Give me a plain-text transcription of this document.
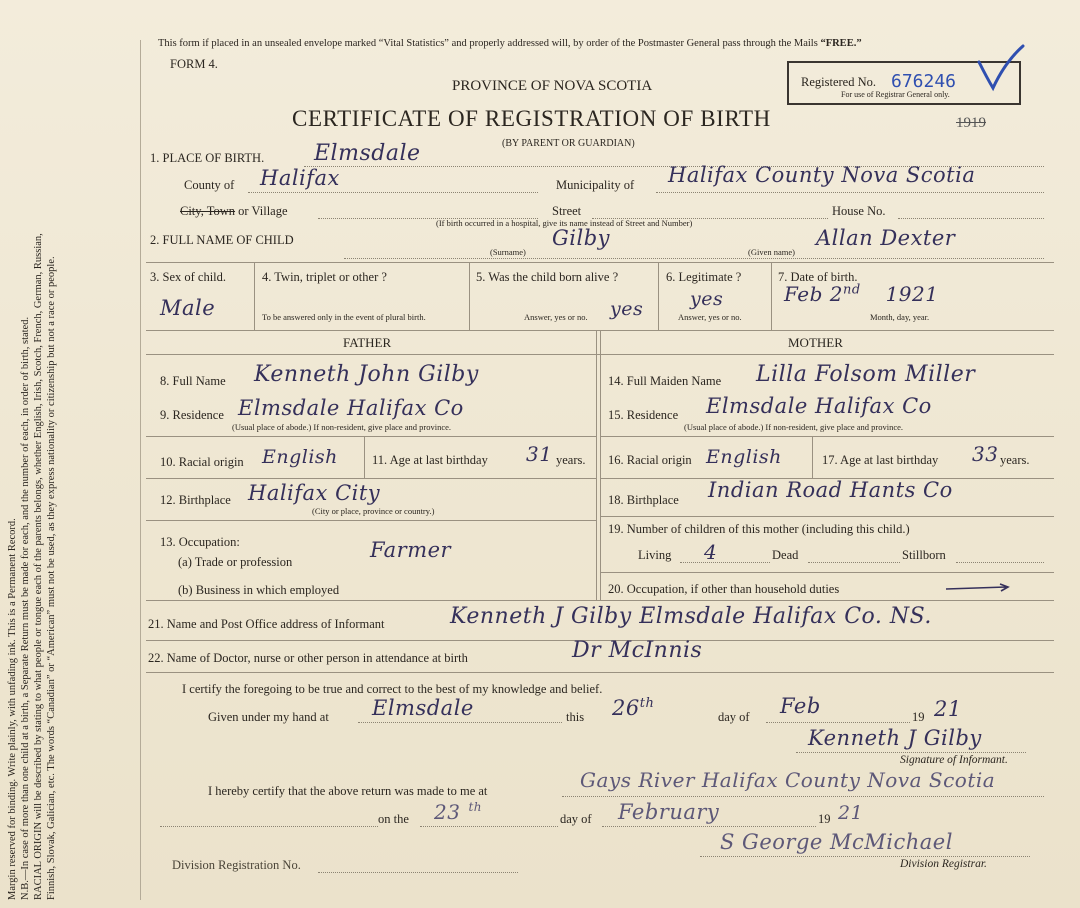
Margin reserved for binding. Write plainly, with unfading ink. This is a Permanent Record. N.B.—In case of more than one child at a birth, a Separate Return must be made for each, and the number of each, in order of birth, stated. RACIAL ORIGIN will be described by stating to what people or tongue each of the parents belongs, whether English, Irish, Scotch, French, German, Russian, Finnish, Slovak, Galician, etc. The words “Canadian” or “American” must not be used, as they express nationality or citizenship but not a race or people.
This form if placed in an unsealed envelope marked “Vital Statistics” and properly addressed will, by order of the Postmaster General pass through the Mails “FREE.”
FORM 4.
PROVINCE OF NOVA SCOTIA
CERTIFICATE OF REGISTRATION OF BIRTH
(BY PARENT OR GUARDIAN)
1919
Registered No. 676246
For use of Registrar General only.
1. PLACE OF BIRTH. Elmsdale
County of Halifax	Municipality of Halifax County Nova Scotia
City, Town or Village	Street	House No.
(If birth occurred in a hospital, give its name instead of Street and Number)
2. FULL NAME OF CHILD
(Surname)
Gilby
(Given name)
Allan Dexter
3. Sex of child.
Male
4. Twin, triplet or other ?
To be answered only in the event of plural birth.
5. Was the child born alive ?
Answer, yes or no. yes
6. Legitimate ?
yes
Answer, yes or no.
7. Date of birth.
Feb 2nd 1921
Month, day, year.
FATHER	MOTHER
8. Full Name Kenneth John Gilby
9. Residence Elmsdale Halifax Co
(Usual place of abode.) If non-resident, give place and province.
10. Racial origin English	11. Age at last birthday 31 years.
12. Birthplace Halifax City
(City or place, province or country.)
13. Occupation:
(a) Trade or profession	Farmer
(b) Business in which employed
14. Full Maiden Name Lilla Folsom Miller
15. Residence Elmsdale Halifax Co
(Usual place of abode.) If non-resident, give place and province.
16. Racial origin English	17. Age at last birthday 33 years.
18. Birthplace Indian Road Hants Co
19. Number of children of this mother (including this child.)
Living 4	Dead	Stillborn
20. Occupation, if other than household duties
21. Name and Post Office address of Informant	Kenneth J Gilby Elmsdale Halifax Co. NS.
22. Name of Doctor, nurse or other person in attendance at birth	Dr McInnis
I certify the foregoing to be true and correct to the best of my knowledge and belief.
Given under my hand at Elmsdale	this 26th
day of Feb	19 21
Kenneth J Gilby
Signature of Informant.
I hereby certify that the above return was made to me at	Gays River Halifax County Nova Scotia
on the 23 $^{th}$
day of February	19 21
S George McMichael
Division Registrar.
Division Registration No.
